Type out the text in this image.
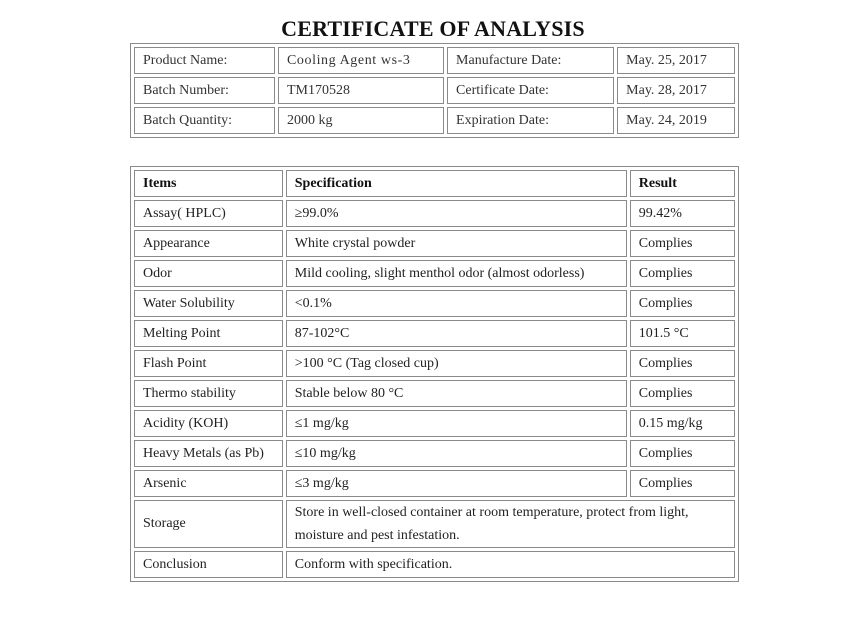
CERTIFICATE OF ANALYSIS
Product Name:	Cooling Agent ws-3	Manufacture Date:	May. 25, 2017
Batch Number:	TM170528	Certificate Date:	May. 28, 2017
Batch Quantity:	2000 kg	Expiration Date:	May. 24, 2019
Items	Specification	Result
Assay( HPLC)	≥99.0%	99.42%
Appearance	White crystal powder	Complies
Odor	Mild cooling, slight menthol odor (almost odorless)	Complies
Water Solubility	<0.1%	Complies
Melting Point	87-102°C	101.5 °C
Flash Point	>100 °C (Tag closed cup)	Complies
Thermo stability	Stable below 80 °C	Complies
Acidity (KOH)	≤1 mg/kg	0.15 mg/kg
Heavy Metals (as Pb)	≤10 mg/kg	Complies
Arsenic	≤3 mg/kg	Complies
Storage	Store in well-closed container at room temperature, protect from light, moisture and pest infestation.	
Conclusion	Conform with specification.	
